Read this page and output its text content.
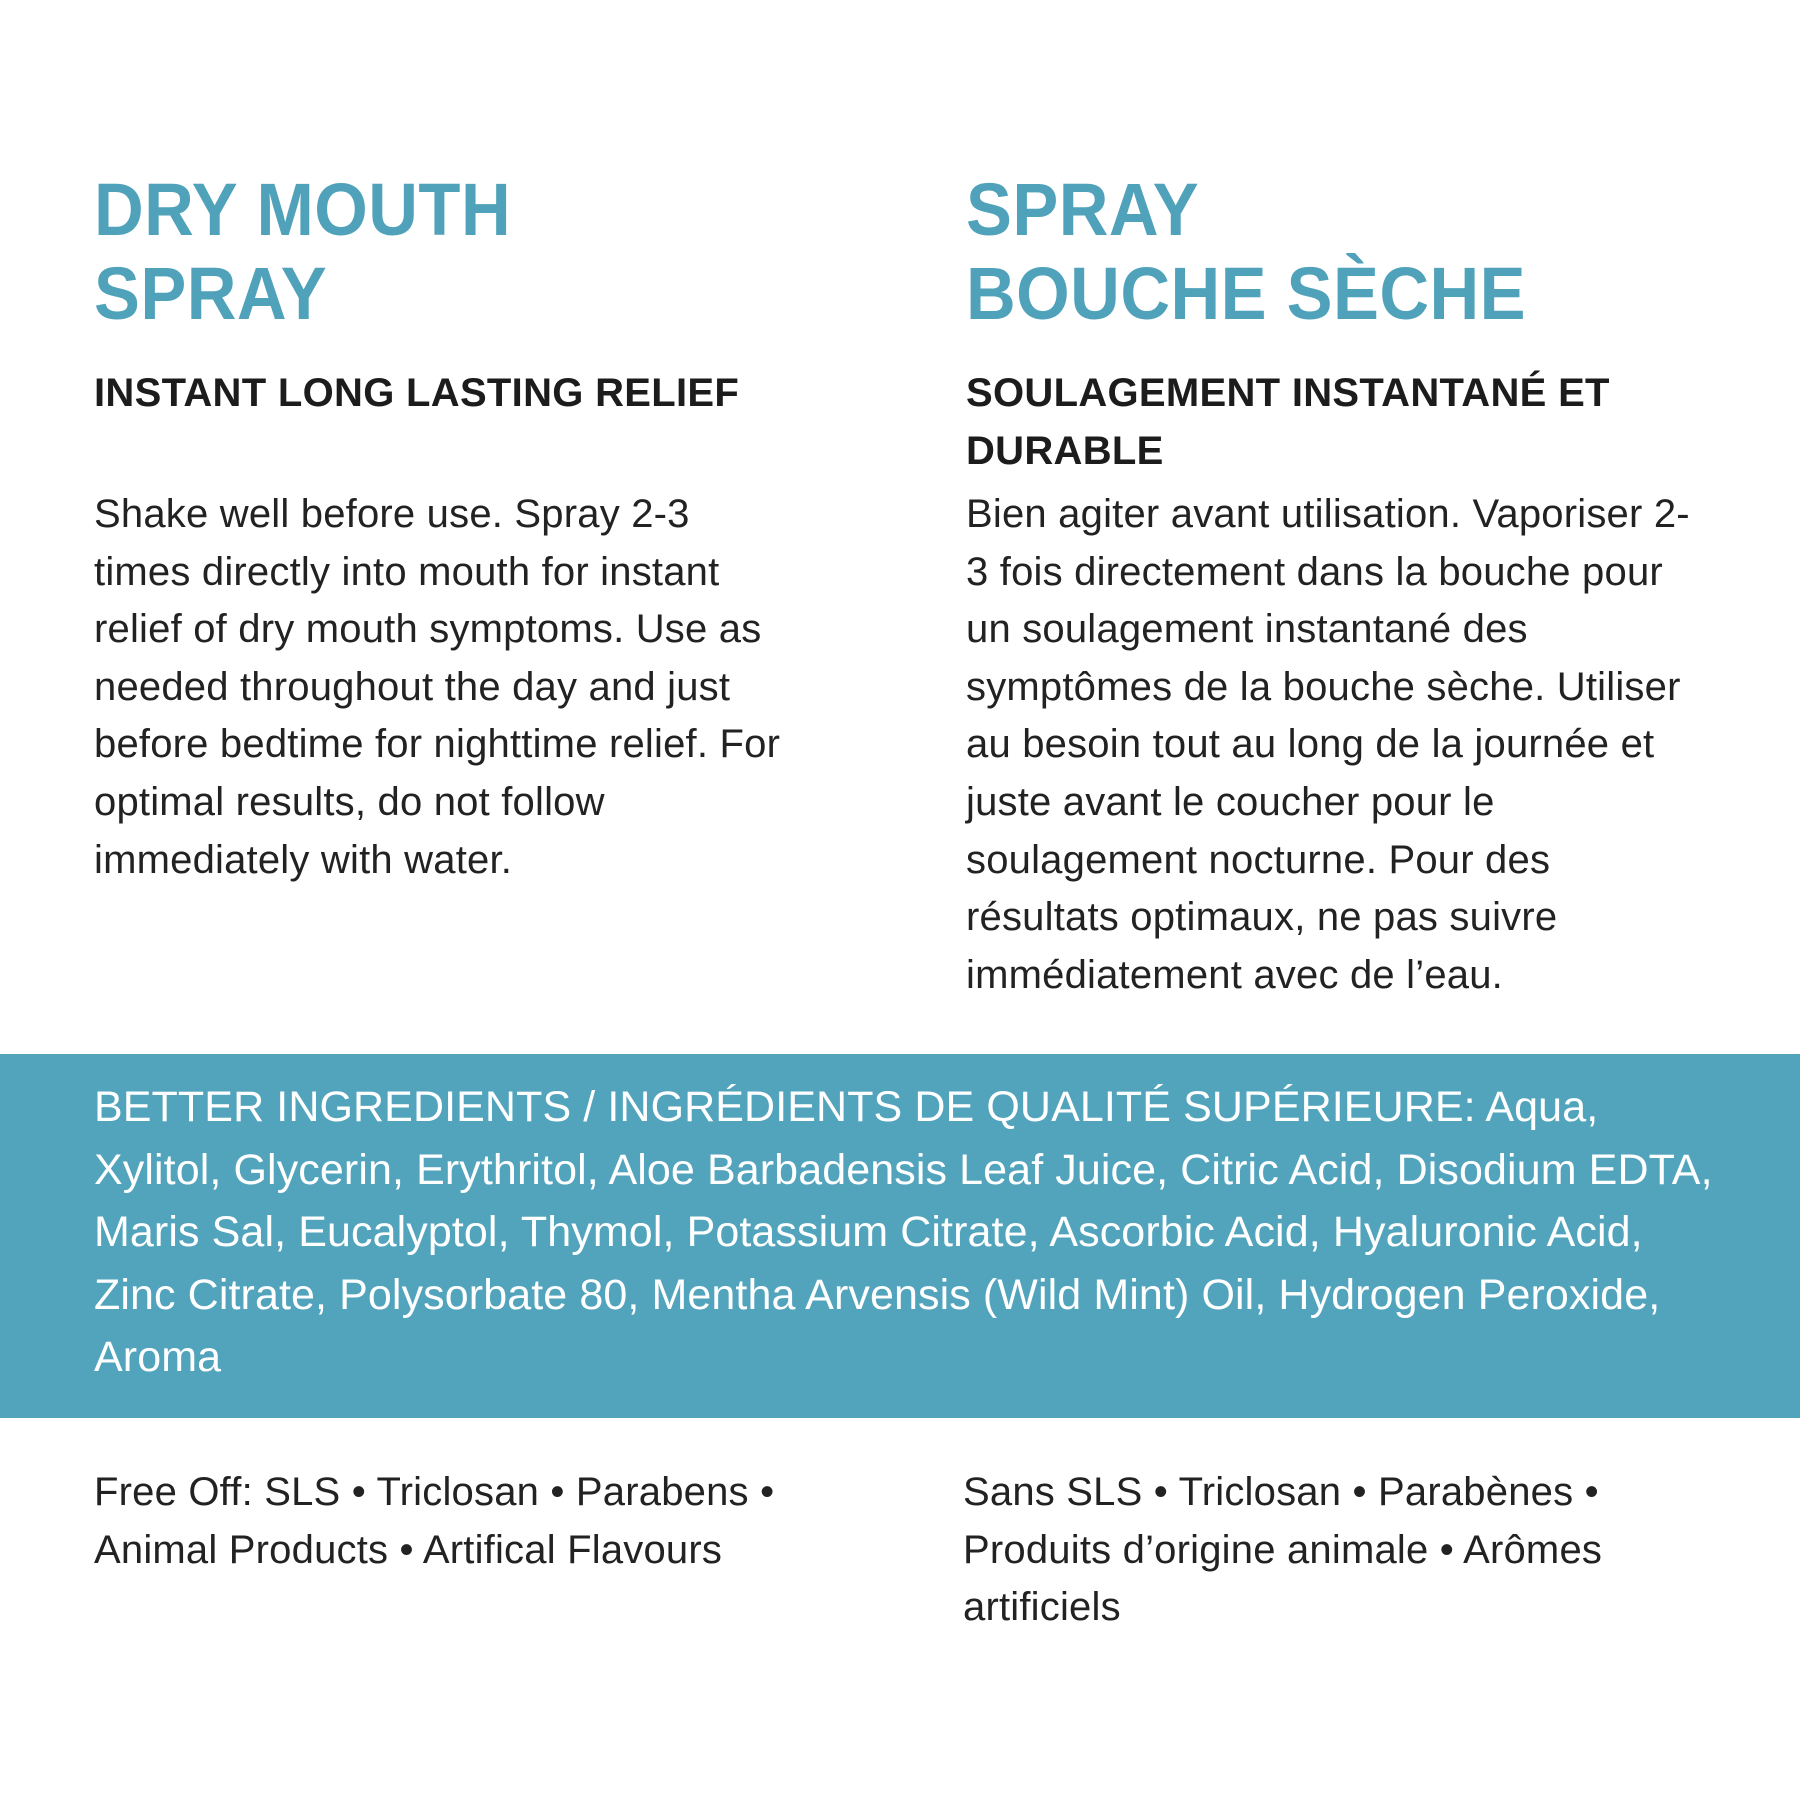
DRY MOUTH
SPRAY
INSTANT LONG LASTING RELIEF

Shake well before use. Spray 2-3 times directly into mouth for instant relief of dry mouth symptoms. Use as needed throughout the day and just before bedtime for nighttime relief. For optimal results, do not follow immediately with water.

SPRAY
BOUCHE SÈCHE
SOULAGEMENT INSTANTANÉ ET DURABLE

Bien agiter avant utilisation. Vaporiser 2-3 fois directement dans la bouche pour un soulagement instantané des symptômes de la bouche sèche. Utiliser au besoin tout au long de la journée et juste avant le coucher pour le soulagement nocturne. Pour des résultats optimaux, ne pas suivre immédiatement avec de l’eau.

BETTER INGREDIENTS / INGRÉDIENTS DE QUALITÉ SUPÉRIEURE: Aqua, Xylitol, Glycerin, Erythritol, Aloe Barbadensis Leaf Juice, Citric Acid, Disodium EDTA, Maris Sal, Eucalyptol, Thymol, Potassium Citrate, Ascorbic Acid, Hyaluronic Acid, Zinc Citrate, Polysorbate 80, Mentha Arvensis (Wild Mint) Oil, Hydrogen Peroxide, Aroma

Free Off: SLS • Triclosan • Parabens • Animal Products • Artifical Flavours

Sans SLS • Triclosan • Parabènes • Produits d’origine animale • Arômes artificiels
